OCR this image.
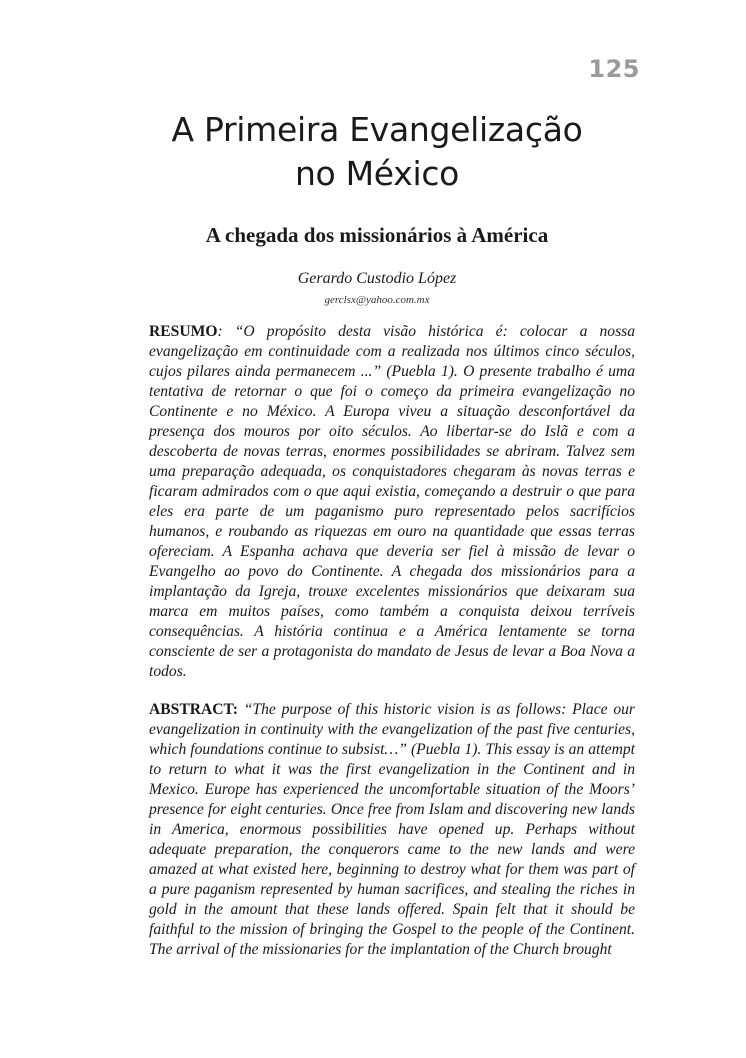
125
A Primeira Evangelização
no México
A chegada dos missionários à América
Gerardo Custodio López
gerclsx@yahoo.com.mx

RESUMO: “O propósito desta visão histórica é: colocar a nossa evangelização em continuidade com a realizada nos últimos cinco séculos, cujos pilares ainda permanecem ...” (Puebla 1). O presente trabalho é uma tentativa de retornar o que foi o começo da primeira evangelização no Continente e no México. A Europa viveu a situação desconfortável da presença dos mouros por oito séculos. Ao libertar-se do Islã e com a descoberta de novas terras, enormes possibilidades se abriram. Talvez sem uma preparação adequada, os conquistadores chegaram às novas terras e ficaram admirados com o que aqui existia, começando a destruir o que para eles era parte de um paganismo puro representado pelos sacrifícios humanos, e roubando as riquezas em ouro na quantidade que essas terras ofereciam. A Espanha achava que deveria ser fiel à missão de levar o Evangelho ao povo do Continente. A chegada dos missionários para a implantação da Igreja, trouxe excelentes missionários que deixaram sua marca em muitos países, como também a conquista deixou terríveis consequências. A história continua e a América lentamente se torna consciente de ser a protagonista do mandato de Jesus de levar a Boa Nova a todos.

ABSTRACT: “The purpose of this historic vision is as follows: Place our evangelization in continuity with the evangelization of the past five centuries, which foundations continue to subsist…” (Puebla 1). This essay is an attempt to return to what it was the first evangelization in the Continent and in Mexico. Europe has experienced the uncomfortable situation of the Moors’ presence for eight centuries. Once free from Islam and discovering new lands in America, enormous possibilities have opened up. Perhaps without adequate preparation, the conquerors came to the new lands and were amazed at what existed here, beginning to destroy what for them was part of a pure paganism represented by human sacrifices, and stealing the riches in gold in the amount that these lands offered. Spain felt that it should be faithful to the mission of bringing the Gospel to the people of the Continent. The arrival of the missionaries for the implantation of the Church brought
